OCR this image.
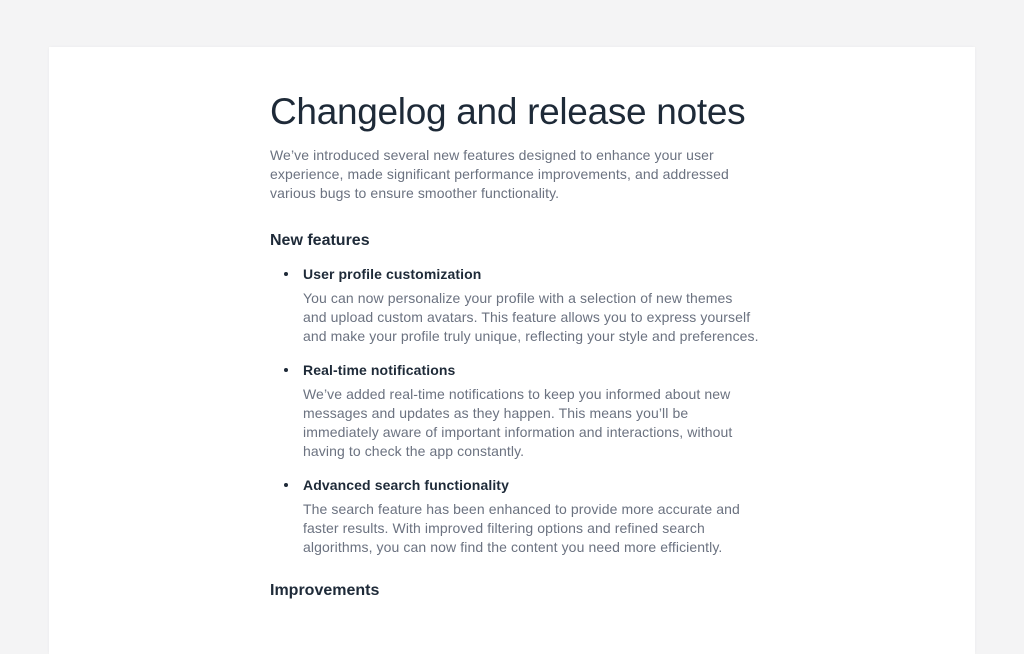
Changelog and release notes

We’ve introduced several new features designed to enhance your user experience, made significant performance improvements, and addressed various bugs to ensure smoother functionality.

New features
User profile customization

You can now personalize your profile with a selection of new themes and upload custom avatars. This feature allows you to express yourself and make your profile truly unique, reflecting your style and preferences.

Real-time notifications

We’ve added real-time notifications to keep you informed about new messages and updates as they happen. This means you’ll be immediately aware of important information and interactions, without having to check the app constantly.

Advanced search functionality

The search feature has been enhanced to provide more accurate and faster results. With improved filtering options and refined search algorithms, you can now find the content you need more efficiently.

Improvements
